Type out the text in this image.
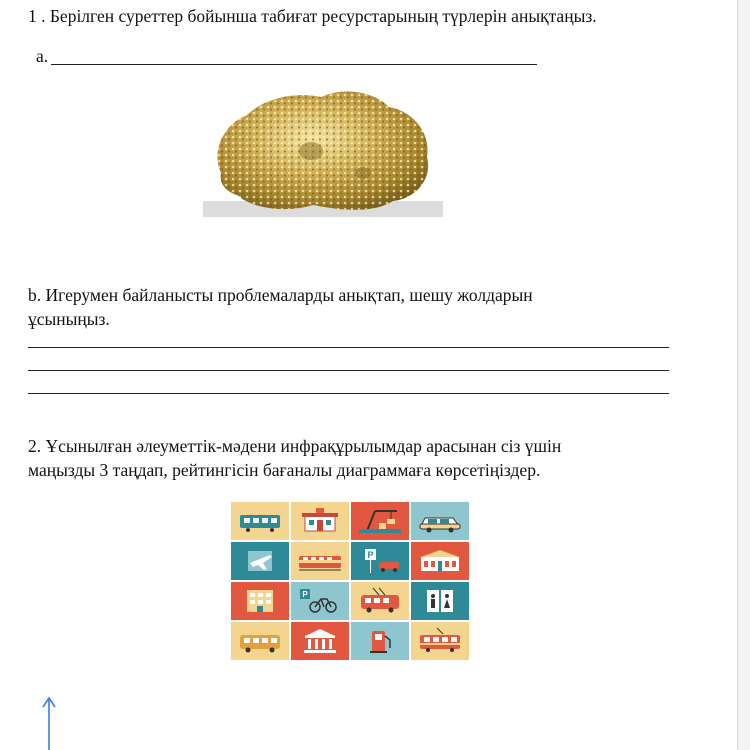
1 . Берілген суреттер бойынша табиғат ресурстарының түрлерін анықтаңыз.
а.
b. Игерумен байланысты проблемаларды анықтап, шешу жолдарын
ұсыныңыз.
2. Ұсынылған әлеуметтік-мәдени инфрақұрылымдар арасынан сіз үшін
маңызды 3 таңдап, рейтингісін бағаналы диаграммаға көрсетіңіздер.
P
P
